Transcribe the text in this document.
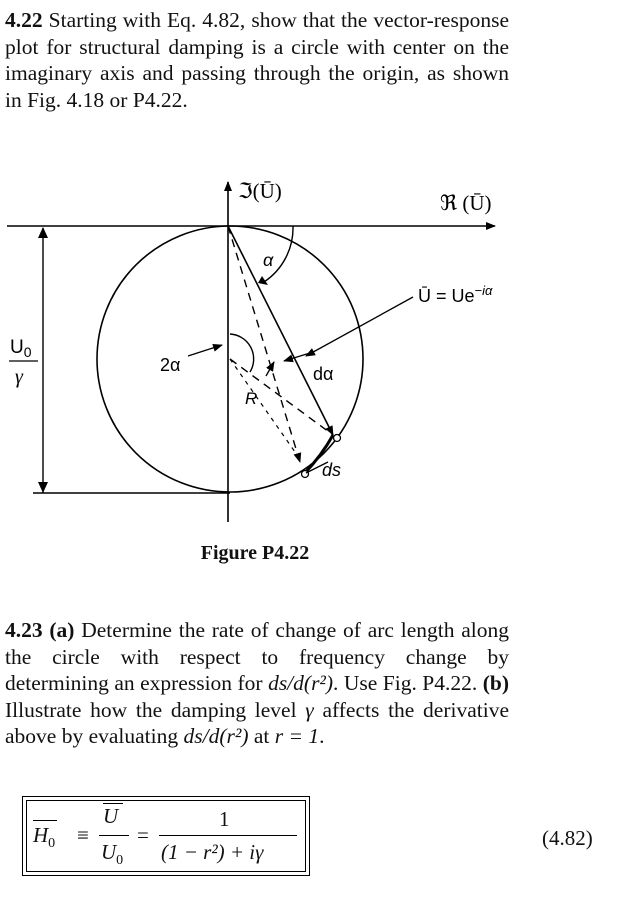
4.22 Starting with Eq. 4.82, show that the vector-response plot for structural damping is a circle with center on the imaginary axis and passing through the origin, as shown in Fig. 4.18 or P4.22.
ℑ(Ū)	ℜ (Ū)
α
Ū = $Ue^{-i\alpha}$
$U_0$
γ
2α	dα
R
ds
Figure P4.22
4.23 (a) Determine the rate of change of arc length along the circle with respect to frequency change by determining an expression for ds/d(r²). Use Fig. P4.22. (b) Illustrate how the damping level γ affects the derivative above by evaluating ds/d(r²) at r = 1.
$H_0$ ≡
U
$U_0$
=
1
(1 − r²) + iγ
(4.82)
